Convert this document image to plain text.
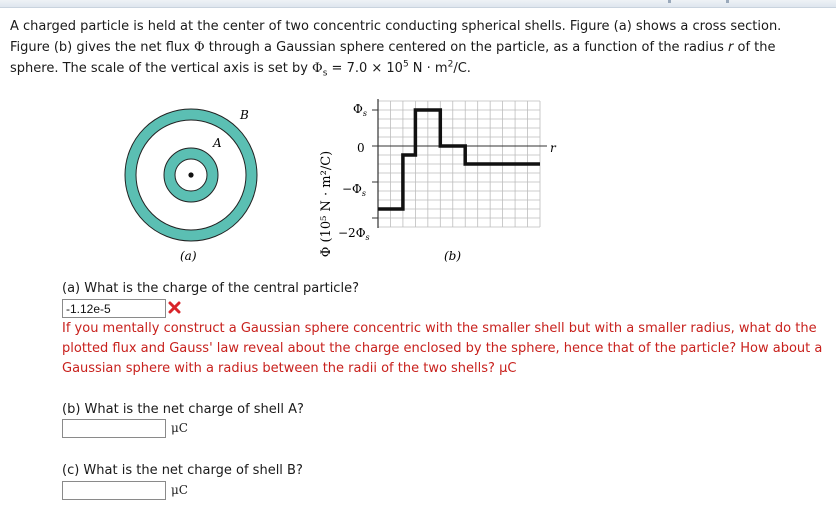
A charged particle is held at the center of two concentric conducting spherical shells. Figure (a) shows a cross section.
Figure (b) gives the net flux Φ through a Gaussian sphere centered on the particle, as a function of the radius r of the
sphere. The scale of the vertical axis is set by $\Phi_s = 7.0 \times 10^5$ $N \cdot m^2/C$.
B
A
(a)	Φ (10⁵ N · m²/C)
$\Phi_s$
0
$-\Phi_s$
$-2\Phi_s$
r
(b)
(a) What is the charge of the central particle?
-1.12e-5
If you mentally construct a Gaussian sphere concentric with the smaller shell but with a smaller radius, what do the plotted flux and Gauss' law reveal about the charge enclosed by the sphere, hence that of the particle? How about a Gaussian sphere with a radius between the radii of the two shells? μC
(b) What is the net charge of shell A?
μC
(c) What is the net charge of shell B?
μC
